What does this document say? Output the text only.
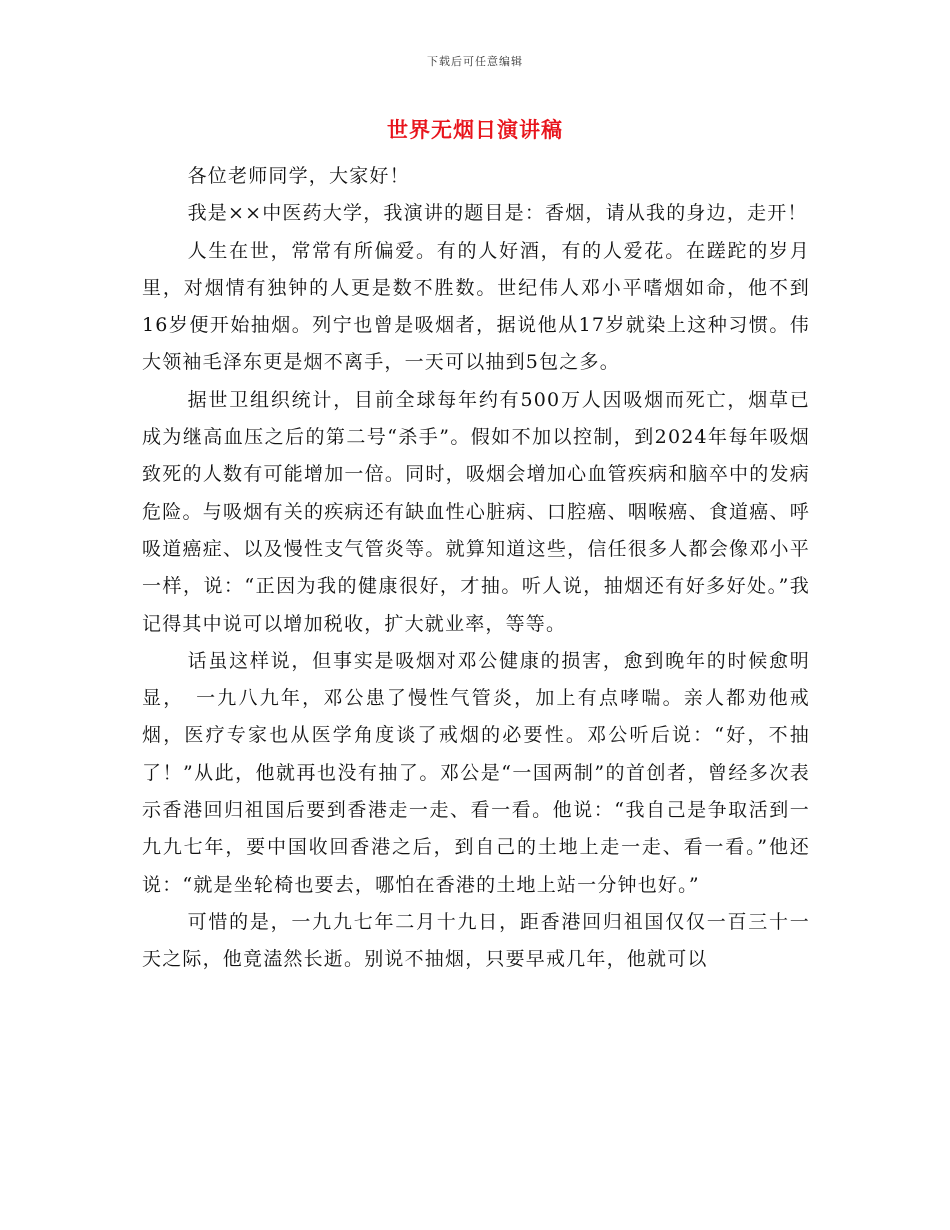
下载后可任意编辑
世界无烟日演讲稿

各位老师同学，大家好！

我是××中医药大学，我演讲的题目是：香烟，请从我的身边，走开！

人生在世，常常有所偏爱。有的人好酒，有的人爱花。在蹉跎的岁月里，对烟情有独钟的人更是数不胜数。世纪伟人邓小平嗜烟如命，他不到16岁便开始抽烟。列宁也曾是吸烟者，据说他从17岁就染上这种习惯。伟大领袖毛泽东更是烟不离手，一天可以抽到5包之多。

据世卫组织统计，目前全球每年约有500万人因吸烟而死亡，烟草已成为继高血压之后的第二号“杀手”。假如不加以控制，到2024年每年吸烟致死的人数有可能增加一倍。同时，吸烟会增加心血管疾病和脑卒中的发病危险。与吸烟有关的疾病还有缺血性心脏病、口腔癌、咽喉癌、食道癌、呼吸道癌症、以及慢性支气管炎等。就算知道这些，信任很多人都会像邓小平一样，说：“正因为我的健康很好，才抽。听人说，抽烟还有好多好处。”我记得其中说可以增加税收，扩大就业率，等等。

话虽这样说，但事实是吸烟对邓公健康的损害，愈到晚年的时候愈明显，　一九八九年，邓公患了慢性气管炎，加上有点哮喘。亲人都劝他戒烟，医疗专家也从医学角度谈了戒烟的必要性。邓公听后说：“好，不抽了！”从此，他就再也没有抽了。邓公是“一国两制”的首创者，曾经多次表示香港回归祖国后要到香港走一走、看一看。他说：“我自己是争取活到一九九七年，要中国收回香港之后，到自己的土地上走一走、看一看。”他还说：“就是坐轮椅也要去，哪怕在香港的土地上站一分钟也好。”

可惜的是，一九九七年二月十九日，距香港回归祖国仅仅一百三十一天之际，他竟溘然长逝。别说不抽烟，只要早戒几年，他就可以
